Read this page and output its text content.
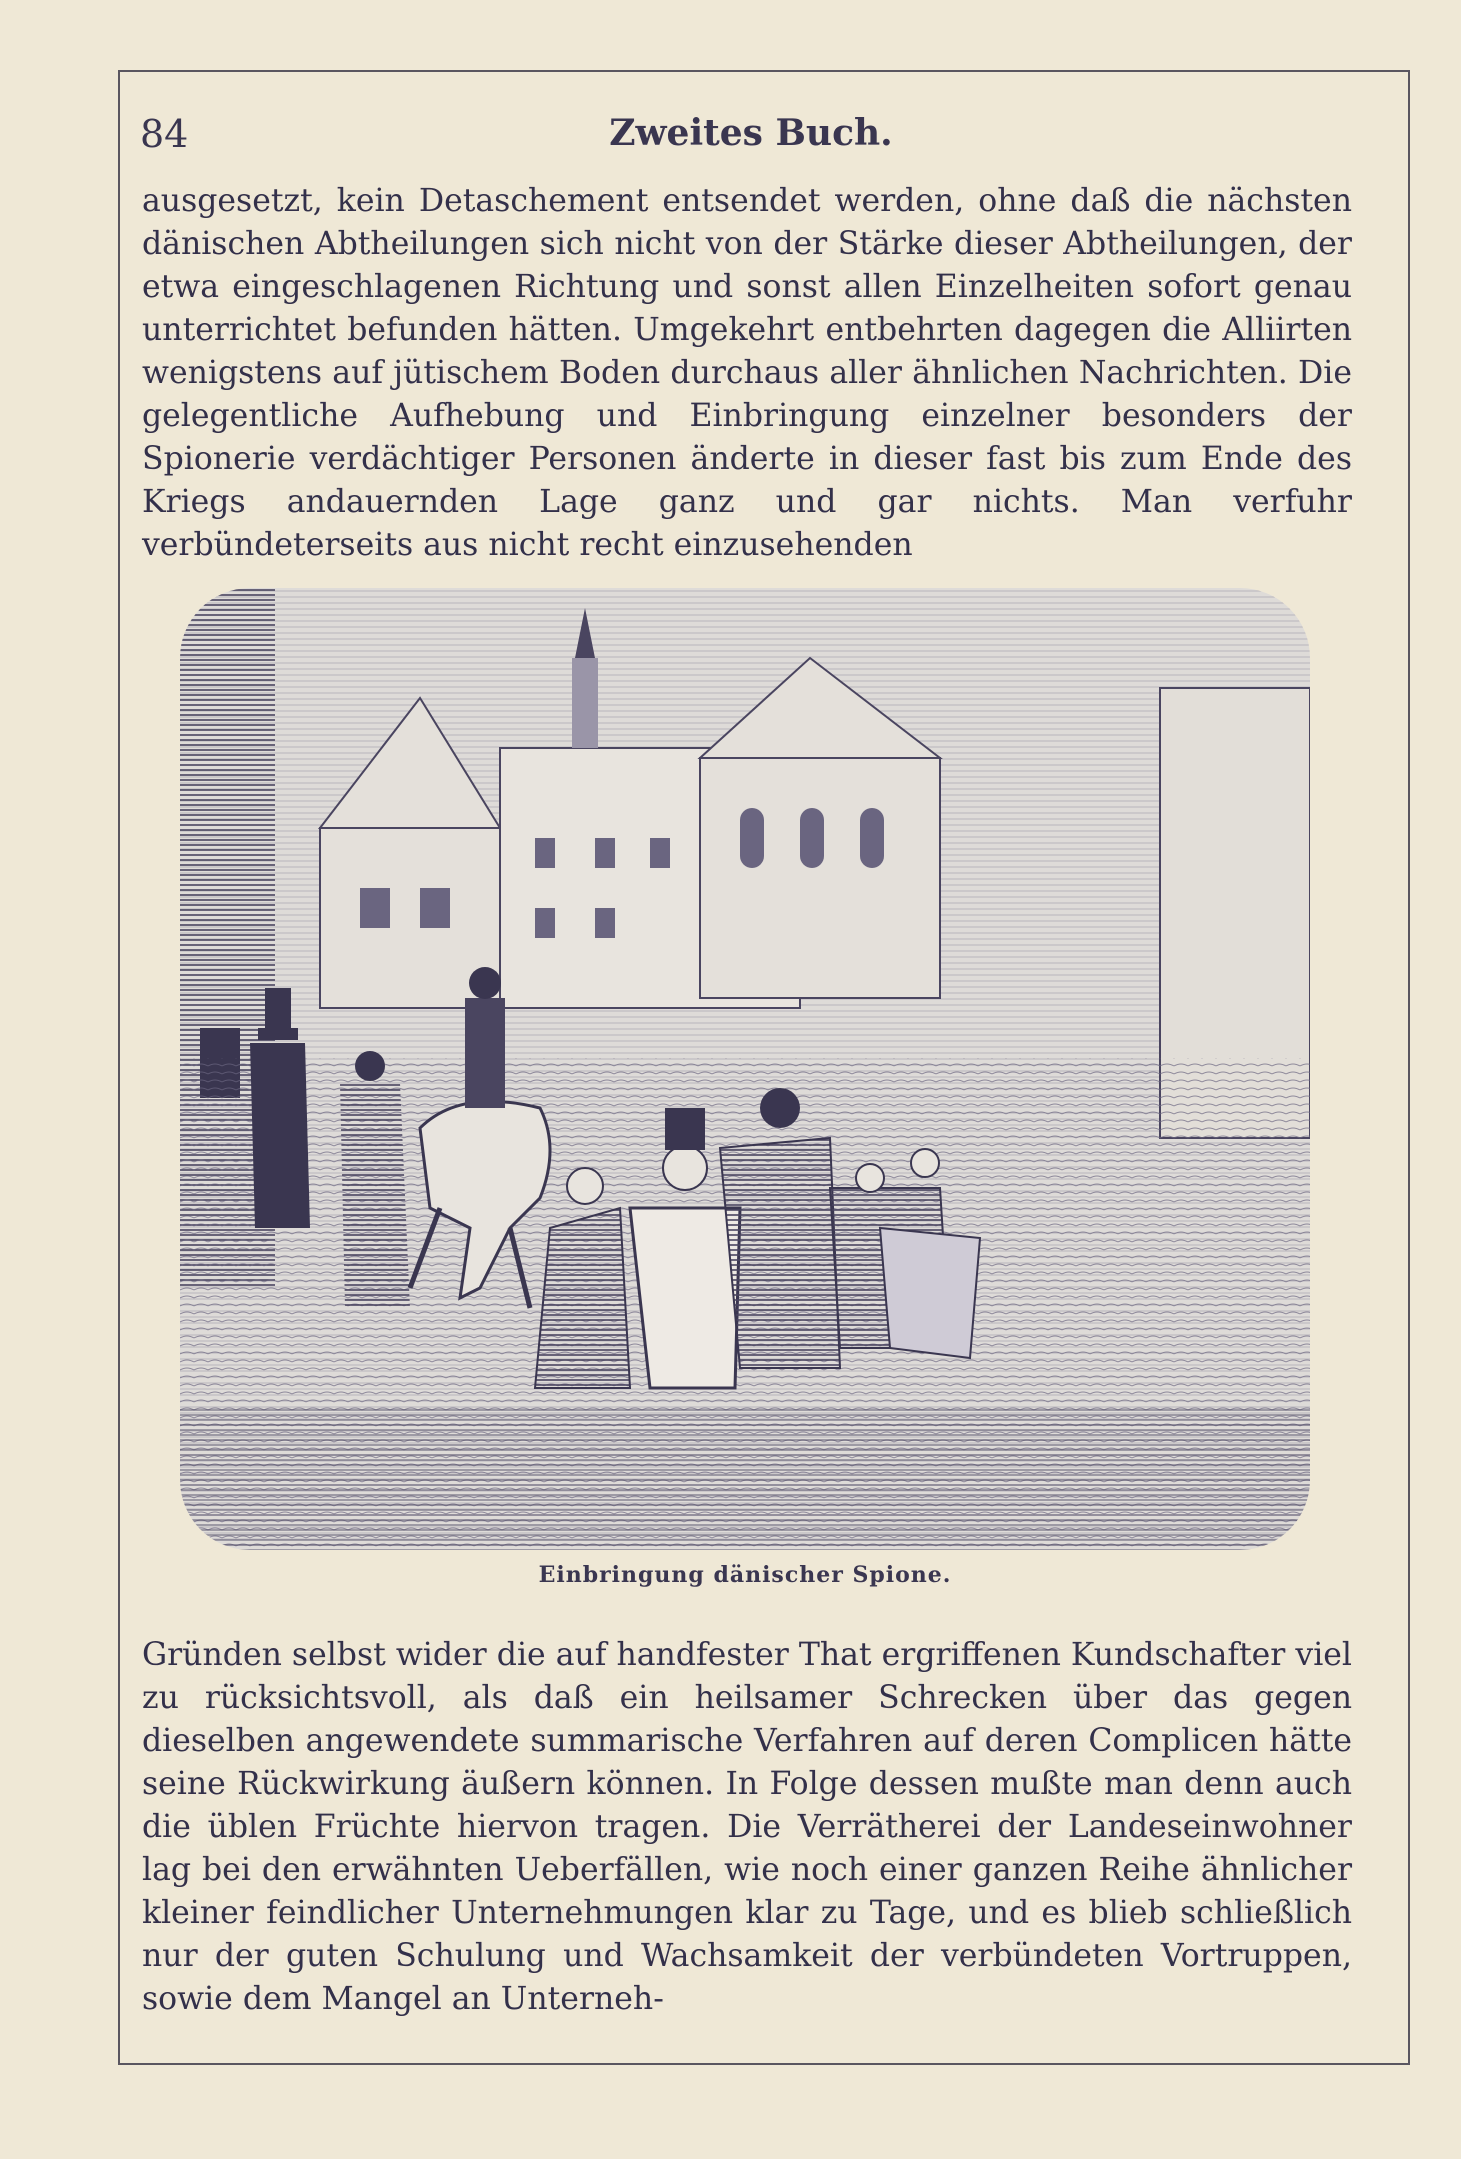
84	Zweites Buch.

ausgesetzt, kein Detaschement entsendet werden, ohne daß die nächsten dänischen Abtheilungen sich nicht von der Stärke dieser Abtheilungen, der etwa eingeschlagenen Richtung und sonst allen Einzelheiten sofort genau unterrichtet befunden hätten. Umgekehrt entbehrten dagegen die Alliirten wenigstens auf jütischem Boden durchaus aller ähnlichen Nachrichten. Die gelegentliche Aufhebung und Einbringung einzelner besonders der Spionerie verdächtiger Personen änderte in dieser fast bis zum Ende des Kriegs andauernden Lage ganz und gar nichts. Man verfuhr verbündeterseits aus nicht recht einzusehenden

Einbringung dänischer Spione.

Gründen selbst wider die auf handfester That ergriffenen Kundschafter viel zu rücksichtsvoll, als daß ein heilsamer Schrecken über das gegen dieselben angewendete summarische Verfahren auf deren Complicen hätte seine Rückwirkung äußern können. In Folge dessen mußte man denn auch die üblen Früchte hiervon tragen. Die Verrätherei der Landeseinwohner lag bei den erwähnten Ueberfällen, wie noch einer ganzen Reihe ähnlicher kleiner feindlicher Unternehmungen klar zu Tage, und es blieb schließlich nur der guten Schulung und Wachsamkeit der verbündeten Vortruppen, sowie dem Mangel an Unterneh-
